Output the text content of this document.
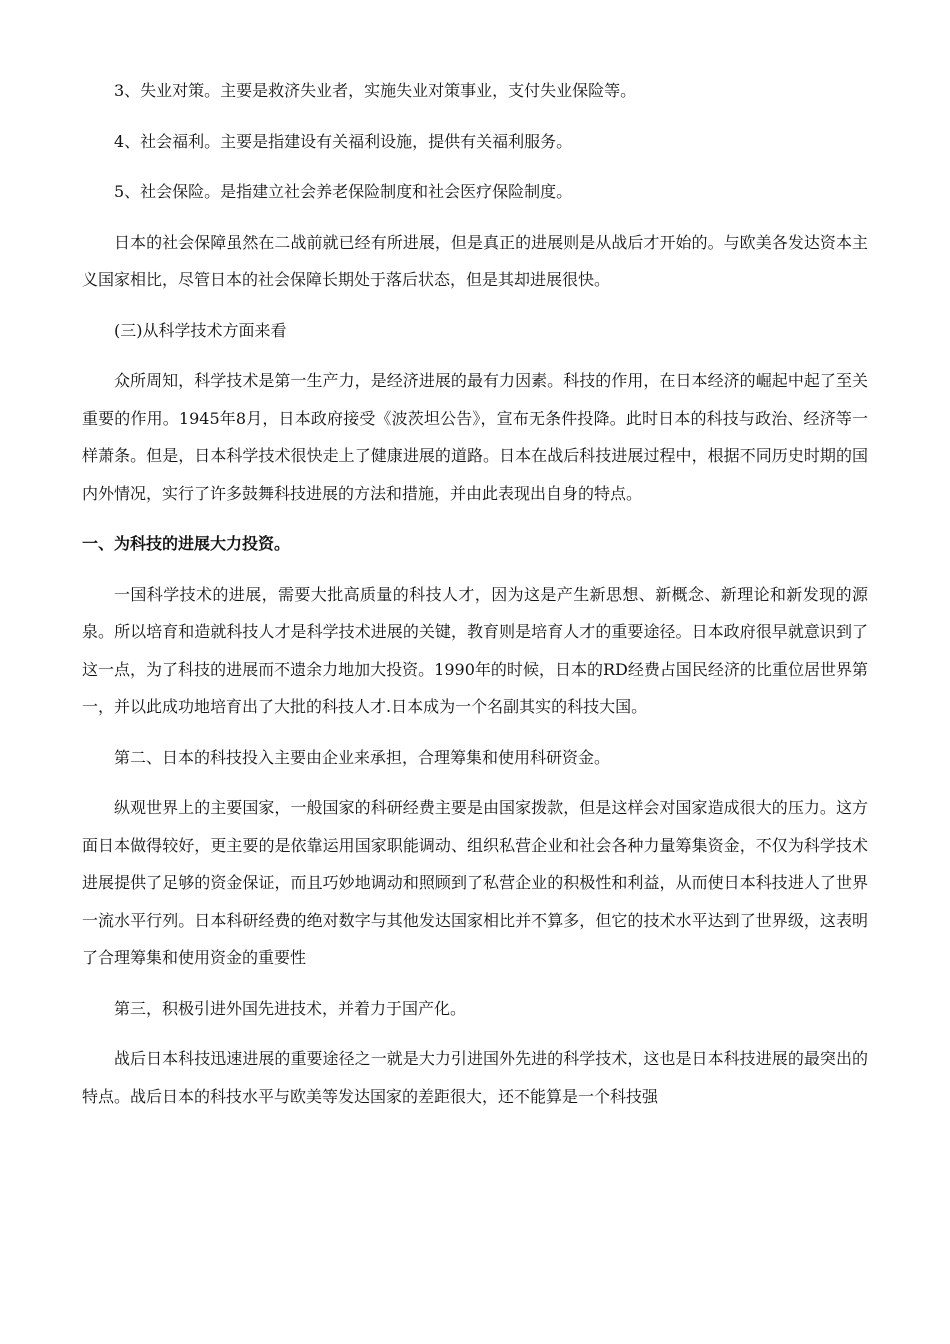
3、失业对策。主要是救济失业者，实施失业对策事业，支付失业保险等。

4、社会福利。主要是指建设有关福利设施，提供有关福利服务。

5、社会保险。是指建立社会养老保险制度和社会医疗保险制度。

日本的社会保障虽然在二战前就已经有所进展，但是真正的进展则是从战后才开始的。与欧美各发达资本主义国家相比，尽管日本的社会保障长期处于落后状态，但是其却进展很快。

(三)从科学技术方面来看

众所周知，科学技术是第一生产力，是经济进展的最有力因素。科技的作用，在日本经济的崛起中起了至关重要的作用。1945年8月，日本政府接受《波茨坦公告》，宣布无条件投降。此时日本的科技与政治、经济等一样萧条。但是，日本科学技术很快走上了健康进展的道路。日本在战后科技进展过程中，根据不同历史时期的国内外情况，实行了许多鼓舞科技进展的方法和措施，并由此表现出自身的特点。

一、为科技的进展大力投资。

一国科学技术的进展，需要大批高质量的科技人才，因为这是产生新思想、新概念、新理论和新发现的源泉。所以培育和造就科技人才是科学技术进展的关键，教育则是培育人才的重要途径。日本政府很早就意识到了这一点，为了科技的进展而不遗余力地加大投资。1990年的时候，日本的RD经费占国民经济的比重位居世界第一，并以此成功地培育出了大批的科技人才.日本成为一个名副其实的科技大国。

第二、日本的科技投入主要由企业来承担，合理筹集和使用科研资金。

纵观世界上的主要国家，一般国家的科研经费主要是由国家拨款，但是这样会对国家造成很大的压力。这方面日本做得较好，更主要的是依靠运用国家职能调动、组织私营企业和社会各种力量筹集资金，不仅为科学技术进展提供了足够的资金保证，而且巧妙地调动和照顾到了私营企业的积极性和利益，从而使日本科技进人了世界一流水平行列。日本科研经费的绝对数字与其他发达国家相比并不算多，但它的技术水平达到了世界级，这表明了合理筹集和使用资金的重要性

第三，积极引进外国先进技术，并着力于国产化。

战后日本科技迅速进展的重要途径之一就是大力引进国外先进的科学技术，这也是日本科技进展的最突出的特点。战后日本的科技水平与欧美等发达国家的差距很大，还不能算是一个科技强
